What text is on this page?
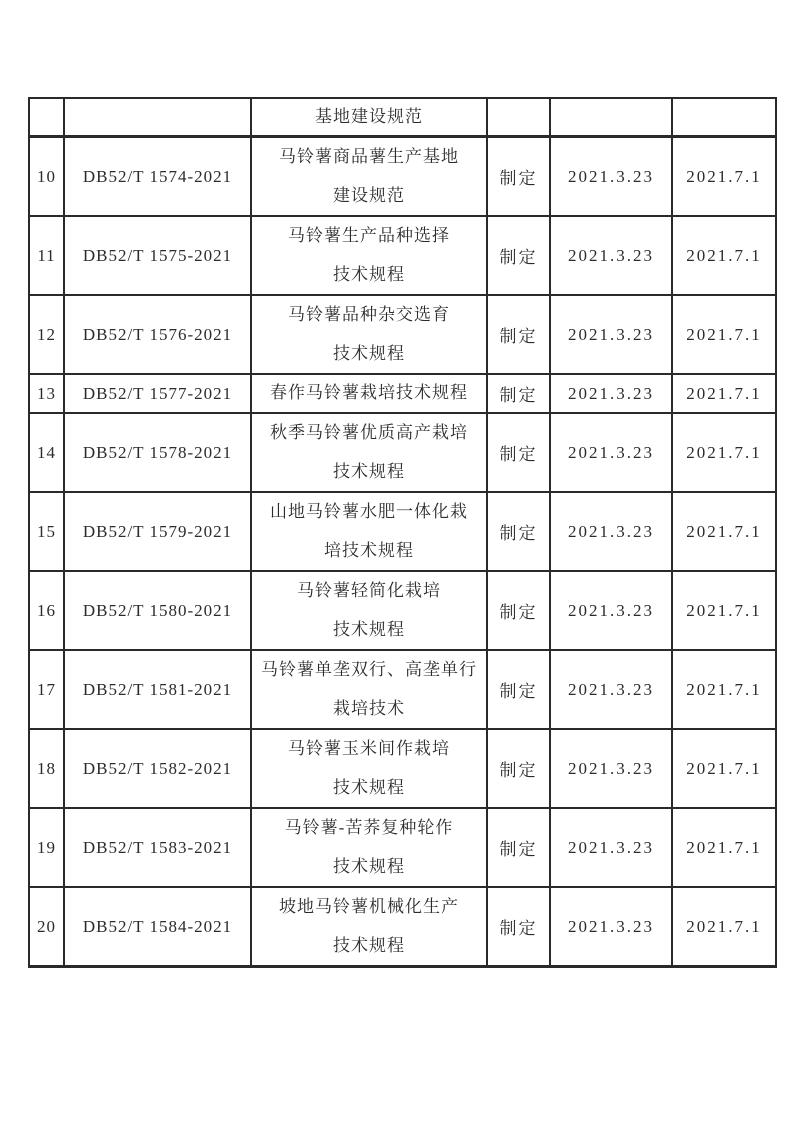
		基地建设规范			

10	DB52/T 1574-2021	马铃薯商品薯生产基地
建设规范	制定	2021.3.23	2021.7.1
11	DB52/T 1575-2021	马铃薯生产品种选择
技术规程	制定	2021.3.23	2021.7.1
12	DB52/T 1576-2021	马铃薯品种杂交选育
技术规程	制定	2021.3.23	2021.7.1
13	DB52/T 1577-2021	春作马铃薯栽培技术规程	制定	2021.3.23	2021.7.1
14	DB52/T 1578-2021	秋季马铃薯优质高产栽培
技术规程	制定	2021.3.23	2021.7.1
15	DB52/T 1579-2021	山地马铃薯水肥一体化栽
培技术规程	制定	2021.3.23	2021.7.1
16	DB52/T 1580-2021	马铃薯轻简化栽培
技术规程	制定	2021.3.23	2021.7.1
17	DB52/T 1581-2021	马铃薯单垄双行、高垄单行
栽培技术	制定	2021.3.23	2021.7.1
18	DB52/T 1582-2021	马铃薯玉米间作栽培
技术规程	制定	2021.3.23	2021.7.1
19	DB52/T 1583-2021	马铃薯-苦荞复种轮作
技术规程	制定	2021.3.23	2021.7.1
20	DB52/T 1584-2021	坡地马铃薯机械化生产
技术规程	制定	2021.3.23	2021.7.1
